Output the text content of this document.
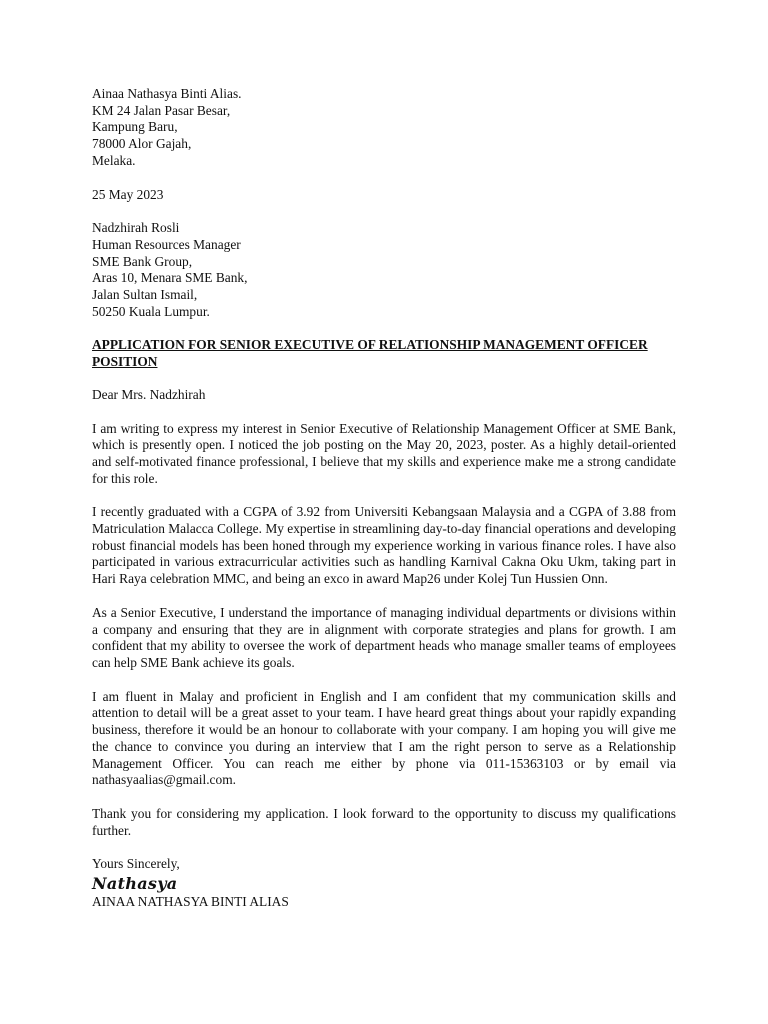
Ainaa Nathasya Binti Alias.
KM 24 Jalan Pasar Besar,
Kampung Baru,
78000 Alor Gajah,
Melaka.
25 May 2023
Nadzhirah Rosli
Human Resources Manager
SME Bank Group,
Aras 10, Menara SME Bank,
Jalan Sultan Ismail,
50250 Kuala Lumpur.
APPLICATION FOR SENIOR EXECUTIVE OF RELATIONSHIP MANAGEMENT OFFICER POSITION
Dear Mrs. Nadzhirah

I am writing to express my interest in Senior Executive of Relationship Management Officer at SME Bank, which is presently open. I noticed the job posting on the May 20, 2023, poster. As a highly detail-oriented and self-motivated finance professional, I believe that my skills and experience make me a strong candidate for this role.

I recently graduated with a CGPA of 3.92 from Universiti Kebangsaan Malaysia and a CGPA of 3.88 from Matriculation Malacca College. My expertise in streamlining day-to-day financial operations and developing robust financial models has been honed through my experience working in various finance roles. I have also participated in various extracurricular activities such as handling Karnival Cakna Oku Ukm, taking part in Hari Raya celebration MMC, and being an exco in award Map26 under Kolej Tun Hussien Onn.

As a Senior Executive, I understand the importance of managing individual departments or divisions within a company and ensuring that they are in alignment with corporate strategies and plans for growth. I am confident that my ability to oversee the work of department heads who manage smaller teams of employees can help SME Bank achieve its goals.

I am fluent in Malay and proficient in English and I am confident that my communication skills and attention to detail will be a great asset to your team. I have heard great things about your rapidly expanding business, therefore it would be an honour to collaborate with your company. I am hoping you will give me the chance to convince you during an interview that I am the right person to serve as a Relationship Management Officer. You can reach me either by phone via 011-15363103 or by email via nathasyaalias@gmail.com.

Thank you for considering my application. I look forward to the opportunity to discuss my qualifications further.

Yours Sincerely,
Nathasya
AINAA NATHASYA BINTI ALIAS
